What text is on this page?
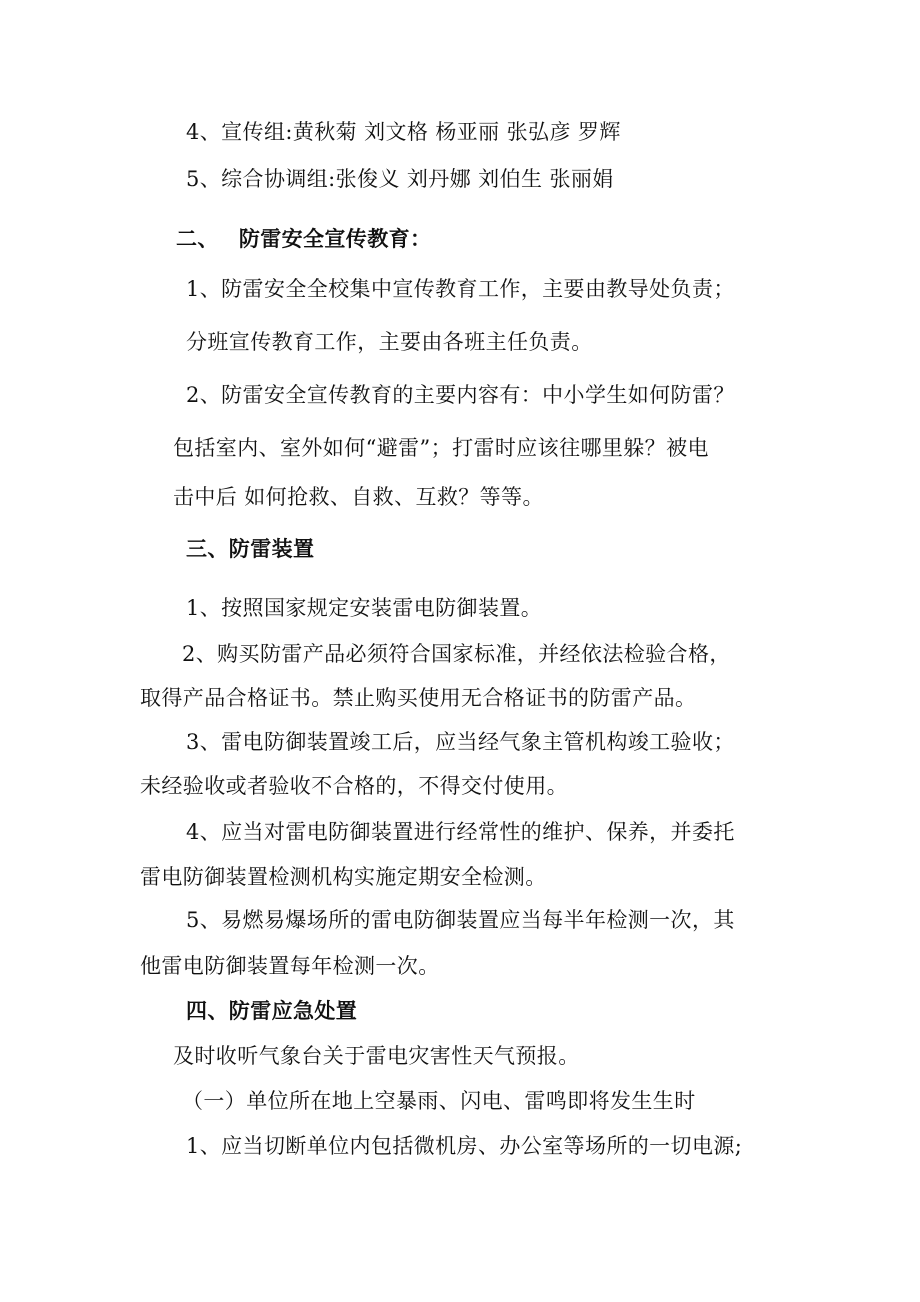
4、宣传组:黄秋菊 刘文格 杨亚丽 张弘彦 罗辉
5、综合协调组:张俊义 刘丹娜 刘伯生 张丽娟
二、 防雷安全宣传教育：
1、防雷安全全校集中宣传教育工作，主要由教导处负责；
分班宣传教育工作，主要由各班主任负责。
2、防雷安全宣传教育的主要内容有：中小学生如何防雷？
包括室内、室外如何“避雷”；打雷时应该往哪里躲？被电
击中后 如何抢救、自救、互救？等等。
三、防雷装置
1、按照国家规定安装雷电防御装置。
2、购买防雷产品必须符合国家标准，并经依法检验合格，
取得产品合格证书。禁止购买使用无合格证书的防雷产品。
3、雷电防御装置竣工后，应当经气象主管机构竣工验收；
未经验收或者验收不合格的，不得交付使用。
4、应当对雷电防御装置进行经常性的维护、保养，并委托
雷电防御装置检测机构实施定期安全检测。
5、易燃易爆场所的雷电防御装置应当每半年检测一次，其
他雷电防御装置每年检测一次。
四、防雷应急处置
及时收听气象台关于雷电灾害性天气预报。
（一）单位所在地上空暴雨、闪电、雷鸣即将发生生时
1、应当切断单位内包括微机房、办公室等场所的一切电源;
